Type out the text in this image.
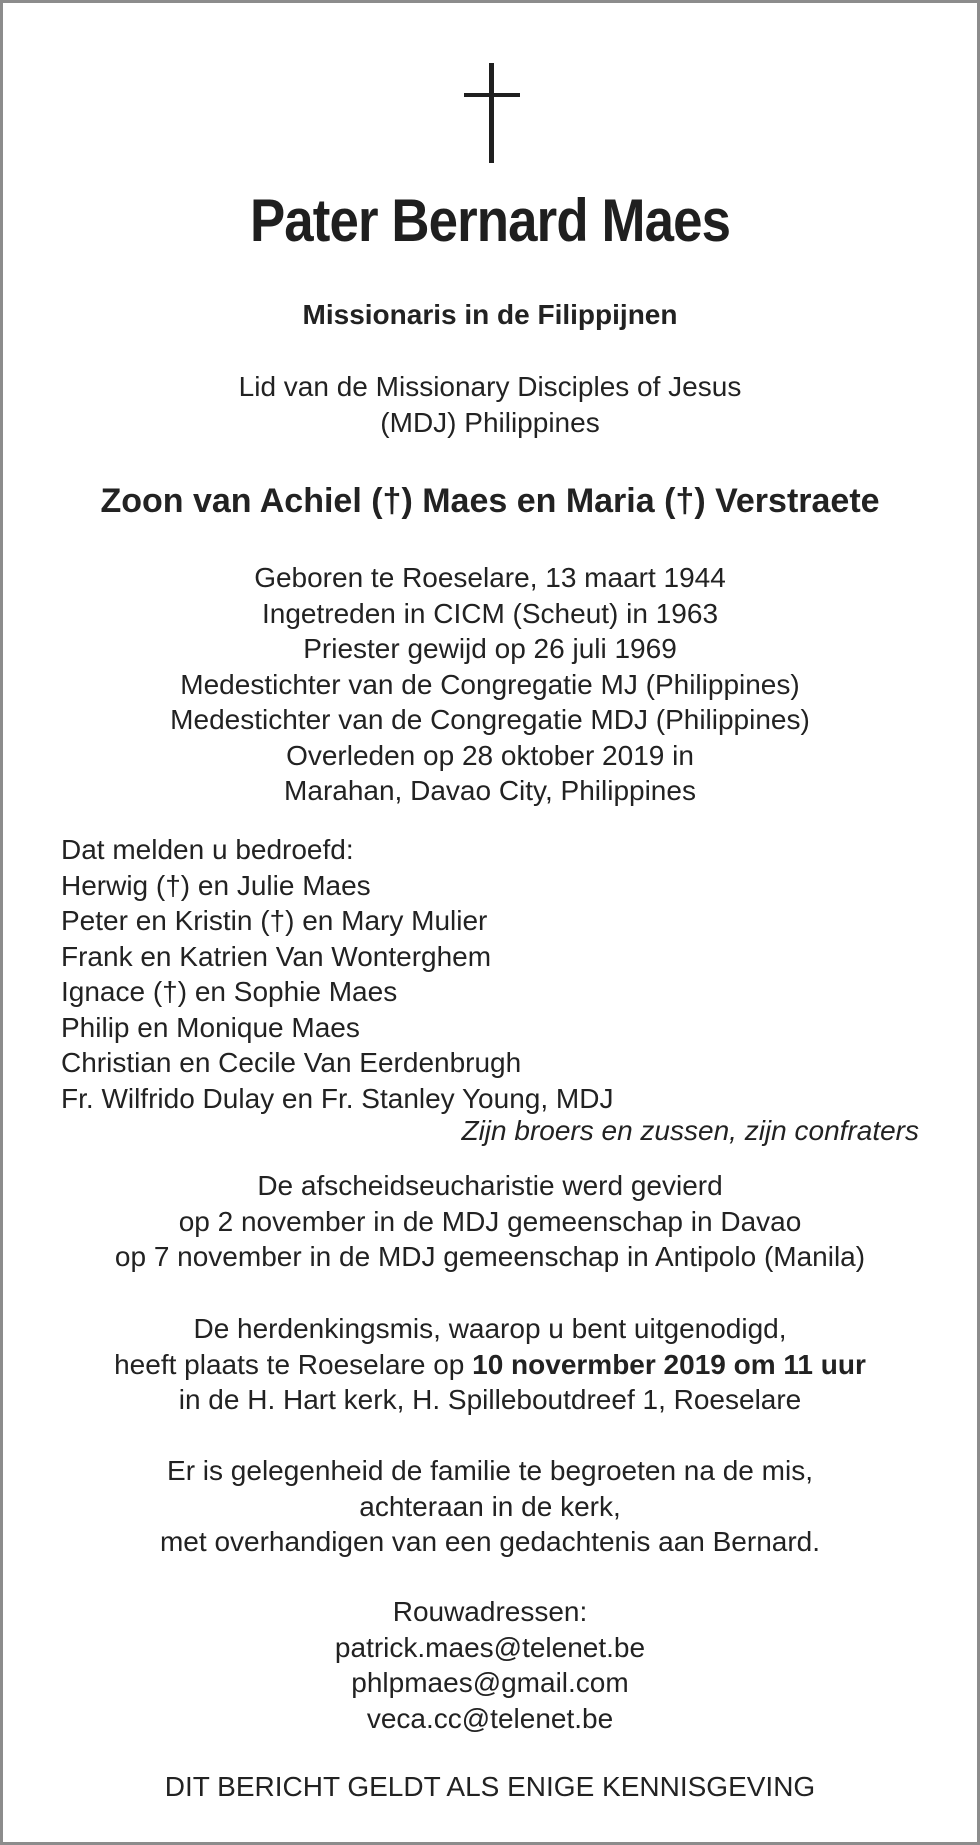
Pater Bernard Maes
Missionaris in de Filippijnen
Lid van de Missionary Disciples of Jesus
(MDJ) Philippines
Zoon van Achiel (†) Maes en Maria (†) Verstraete
Geboren te Roeselare, 13 maart 1944
Ingetreden in CICM (Scheut) in 1963
Priester gewijd op 26 juli 1969
Medestichter van de Congregatie MJ (Philippines)
Medestichter van de Congregatie MDJ (Philippines)
Overleden op 28 oktober 2019 in
Marahan, Davao City, Philippines
Dat melden u bedroefd:
Herwig (†) en Julie Maes
Peter en Kristin (†) en Mary Mulier
Frank en Katrien Van Wonterghem
Ignace (†) en Sophie Maes
Philip en Monique Maes
Christian en Cecile Van Eerdenbrugh
Fr. Wilfrido Dulay en Fr. Stanley Young, MDJ
Zijn broers en zussen, zijn confraters
De afscheidseucharistie werd gevierd
op 2 november in de MDJ gemeenschap in Davao
op 7 november in de MDJ gemeenschap in Antipolo (Manila)
De herdenkingsmis, waarop u bent uitgenodigd,
heeft plaats te Roeselare op 10 novermber 2019 om 11 uur
in de H. Hart kerk, H. Spilleboutdreef 1, Roeselare
Er is gelegenheid de familie te begroeten na de mis,
achteraan in de kerk,
met overhandigen van een gedachtenis aan Bernard.
Rouwadressen:
patrick.maes@telenet.be
phlpmaes@gmail.com
veca.cc@telenet.be
DIT BERICHT GELDT ALS ENIGE KENNISGEVING
